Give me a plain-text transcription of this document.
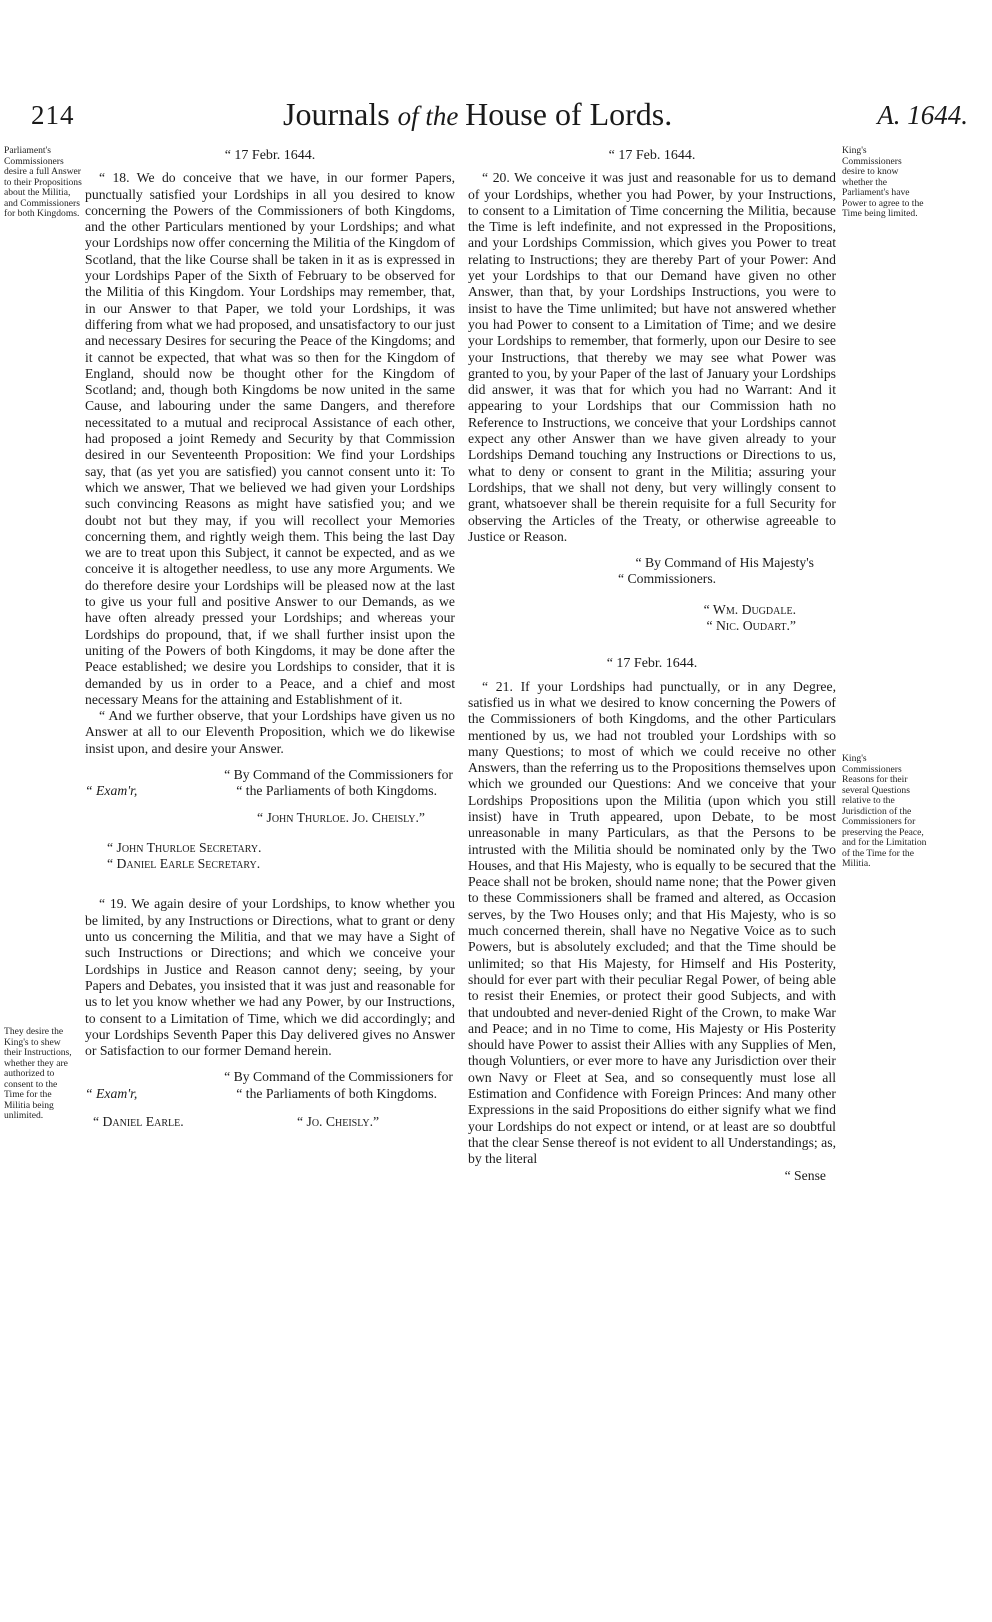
214	Journals of the House of Lords.	A. 1644.
Parliament's Commissioners desire a full Answer to their Propositions about the Militia, and Commissioners for both Kingdoms.
They desire the King's to shew their Instructions, whether they are authorized to consent to the Time for the Militia being unlimited.
King's Commissioners desire to know whether the Parliament's have Power to agree to the Time being limited.
King's Commissioners Reasons for their several Questions relative to the Jurisdiction of the Commissioners for preserving the Peace, and for the Limitation of the Time for the Militia.

“ 17 Febr. 1644.

“ 18. We do conceive that we have, in our former Papers, punctually satisfied your Lordships in all you desired to know concerning the Powers of the Commissioners of both Kingdoms, and the other Particulars mentioned by your Lordships; and what your Lordships now offer concerning the Militia of the Kingdom of Scotland, that the like Course shall be taken in it as is expressed in your Lordships Paper of the Sixth of February to be observed for the Militia of this Kingdom. Your Lordships may remember, that, in our Answer to that Paper, we told your Lordships, it was differing from what we had proposed, and unsatisfactory to our just and necessary Desires for securing the Peace of the Kingdoms; and it cannot be expected, that what was so then for the Kingdom of England, should now be thought other for the Kingdom of Scotland; and, though both Kingdoms be now united in the same Cause, and labouring under the same Dangers, and therefore necessitated to a mutual and reciprocal Assistance of each other, had proposed a joint Remedy and Security by that Commission desired in our Seventeenth Proposition: We find your Lordships say, that (as yet you are satisfied) you cannot consent unto it: To which we answer, That we believed we had given your Lordships such convincing Reasons as might have satisfied you; and we doubt not but they may, if you will recollect your Memories concerning them, and rightly weigh them. This being the last Day we are to treat upon this Subject, it cannot be expected, and as we conceive it is altogether needless, to use any more Arguments. We do therefore desire your Lordships will be pleased now at the last to give us your full and positive Answer to our Demands, as we have often already pressed your Lordships; and whereas your Lordships do propound, that, if we shall further insist upon the uniting of the Powers of both Kingdoms, it may be done after the Peace established; we desire you Lordships to consider, that it is demanded by us in order to a Peace, and a chief and most necessary Means for the attaining and Establishment of it.

“ And we further observe, that your Lordships have given us no Answer at all to our Eleventh Proposition, which we do likewise insist upon, and desire your Answer.

“ By Command of the Commissioners for

“ Exam'r,	“ the Parliaments of both Kingdoms.

“ John Thurloe. Jo. Cheisly.”

“ John Thurloe Secretary.

“ Daniel Earle Secretary.

“ 19. We again desire of your Lordships, to know whether you be limited, by any Instructions or Directions, what to grant or deny unto us concerning the Militia, and that we may have a Sight of such Instructions or Directions; and which we conceive your Lordships in Justice and Reason cannot deny; seeing, by your Papers and Debates, you insisted that it was just and reasonable for us to let you know whether we had any Power, by our Instructions, to consent to a Limitation of Time, which we did accordingly; and your Lordships Seventh Paper this Day delivered gives no Answer or Satisfaction to our former Demand herein.

“ By Command of the Commissioners for

“ Exam'r,	“ the Parliaments of both Kingdoms.

“ Daniel Earle.	“ Jo. Cheisly.”

“ 17 Feb. 1644.

“ 20. We conceive it was just and reasonable for us to demand of your Lordships, whether you had Power, by your Instructions, to consent to a Limitation of Time concerning the Militia, because the Time is left indefinite, and not expressed in the Propositions, and your Lordships Commission, which gives you Power to treat relating to Instructions; they are thereby Part of your Power: And yet your Lordships to that our Demand have given no other Answer, than that, by your Lordships Instructions, you were to insist to have the Time unlimited; but have not answered whether you had Power to consent to a Limitation of Time; and we desire your Lordships to remember, that formerly, upon our Desire to see your Instructions, that thereby we may see what Power was granted to you, by your Paper of the last of January your Lordships did answer, it was that for which you had no Warrant: And it appearing to your Lordships that our Commission hath no Reference to Instructions, we conceive that your Lordships cannot expect any other Answer than we have given already to your Lordships Demand touching any Instructions or Directions to us, what to deny or consent to grant in the Militia; assuring your Lordships, that we shall not deny, but very willingly consent to grant, whatsoever shall be therein requisite for a full Security for observing the Articles of the Treaty, or otherwise agreeable to Justice or Reason.

“ By Command of His Majesty's

“ Commissioners.

“ Wm. Dugdale.

“ Nic. Oudart.”

“ 17 Febr. 1644.

“ 21. If your Lordships had punctually, or in any Degree, satisfied us in what we desired to know concerning the Powers of the Commissioners of both Kingdoms, and the other Particulars mentioned by us, we had not troubled your Lordships with so many Questions; to most of which we could receive no other Answers, than the referring us to the Propositions themselves upon which we grounded our Questions: And we conceive that your Lordships Propositions upon the Militia (upon which you still insist) have in Truth appeared, upon Debate, to be most unreasonable in many Particulars, as that the Persons to be intrusted with the Militia should be nominated only by the Two Houses, and that His Majesty, who is equally to be secured that the Peace shall not be broken, should name none; that the Power given to these Commissioners shall be framed and altered, as Occasion serves, by the Two Houses only; and that His Majesty, who is so much concerned therein, shall have no Negative Voice as to such Powers, but is absolutely excluded; and that the Time should be unlimited; so that His Majesty, for Himself and His Posterity, should for ever part with their peculiar Regal Power, of being able to resist their Enemies, or protect their good Subjects, and with that undoubted and never-denied Right of the Crown, to make War and Peace; and in no Time to come, His Majesty or His Posterity should have Power to assist their Allies with any Supplies of Men, though Voluntiers, or ever more to have any Jurisdiction over their own Navy or Fleet at Sea, and so consequently must lose all Estimation and Confidence with Foreign Princes: And many other Expressions in the said Propositions do either signify what we find your Lordships do not expect or intend, or at least are so doubtful that the clear Sense thereof is not evident to all Understandings; as, by the literal

“ Sense
